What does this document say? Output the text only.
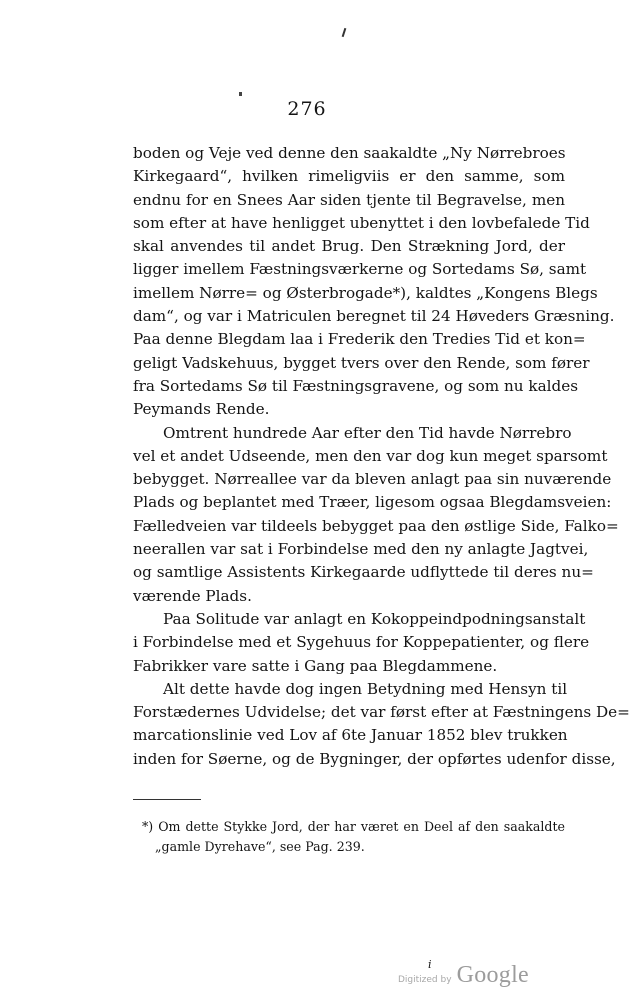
276
boden og Veje ved denne den saakaldte „Ny Nørrebroes
Kirkegaard“, hvilken rimeligviis er den samme, som
endnu for en Snees Aar siden tjente til Begravelse, men
som efter at have henligget ubenyttet i den lovbefalede Tid
skal anvendes til andet Brug. Den Strækning Jord, der
ligger imellem Fæstningsværkerne og Sortedams Sø, samt
imellem Nørre= og Østerbrogade*), kaldtes „Kongens Blegs
dam“, og var i Matriculen beregnet til 24 Høveders Græsning.
Paa denne Blegdam laa i Frederik den Tredies Tid et kon=
geligt Vadskehuus, bygget tvers over den Rende, som fører
fra Sortedams Sø til Fæstningsgravene, og som nu kaldes
Peymands Rende.
Omtrent hundrede Aar efter den Tid havde Nørrebro
vel et andet Udseende, men den var dog kun meget sparsomt
bebygget. Nørreallee var da bleven anlagt paa sin nuværende
Plads og beplantet med Træer, ligesom ogsaa Blegdamsveien:
Fælledveien var tildeels bebygget paa den østlige Side, Falko=
neerallen var sat i Forbindelse med den ny anlagte Jagtvei,
og samtlige Assistents Kirkegaarde udflyttede til deres nu=
værende Plads.
Paa Solitude var anlagt en Kokoppeindpodningsanstalt
i Forbindelse med et Sygehuus for Koppepatienter, og flere
Fabrikker vare satte i Gang paa Blegdammene.
Alt dette havde dog ingen Betydning med Hensyn til
Forstædernes Udvidelse; det var først efter at Fæstningens De=
marcationslinie ved Lov af 6te Januar 1852 blev trukken
inden for Søerne, og de Bygninger, der opførtes udenfor disse,
*) Om dette Stykke Jord, der har været en Deel af den saakaldte
„gamle Dyrehave“, see Pag. 239.
i
Digitized by Google
